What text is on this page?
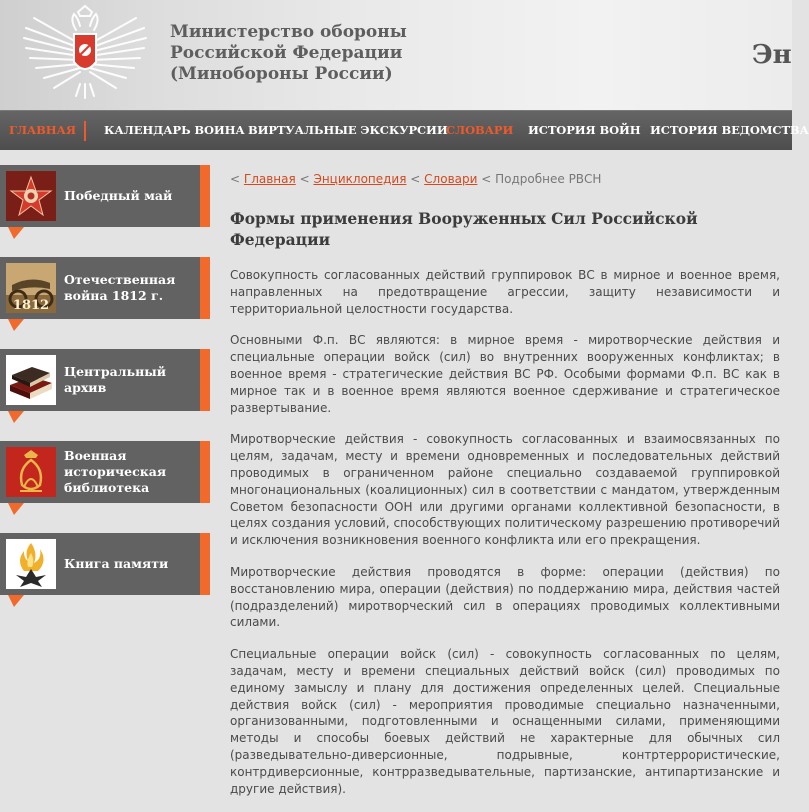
Министерство обороны
Российской Федерации
(Минобороны России)
Эн
ГЛАВНАЯ КАЛЕНДАРЬ ВОИНА ВИРТУАЛЬНЫЕ ЭКСКУРСИИ
СЛОВАРИ ИСТОРИЯ ВОЙН ИСТОРИЯ ВЕДОМСТВА
Победный май
1812
Отечественная война 1812 г.
Центральный архив
Военная историческая библиотека
Книга памяти
< Главная < Энциклопедия < Словари < Подробнее РВСН
Формы применения Вооруженных Сил Российской Федерации

Совокупность согласованных действий группировок ВС в мирное и военное время, направленных на предотвращение агрессии, защиту независимости и территориальной целостности государства.

Основными Ф.п. ВС являются: в мирное время - миротворческие действия и специальные операции войск (сил) во внутренних вооруженных конфликтах; в военное время - стратегические действия ВС РФ. Особыми формами Ф.п. ВС как в мирное так и в военное время являются военное сдерживание и стратегическое развертывание.

Миротворческие действия - совокупность согласованных и взаимосвязанных по целям, задачам, месту и времени одновременных и последовательных действий проводимых в ограниченном районе специально создаваемой группировкой многонациональных (коалиционных) сил в соответствии с мандатом, утвержденным Советом безопасности ООН или другими органами коллективной безопасности, в целях создания условий, способствующих политическому разрешению противоречий и исключения возникновения военного конфликта или его прекращения.

Миротворческие действия проводятся в форме: операции (действия) по восстановлению мира, операции (действия) по поддержанию мира, действия частей (подразделений) миротворческий сил в операциях проводимых коллективными силами.

Специальные операции войск (сил) - совокупность согласованных по целям, задачам, месту и времени специальных действий войск (сил) проводимых по единому замыслу и плану для достижения определенных целей. Специальные действия войск (сил) - мероприятия проводимые специально назначенными, организованными, подготовленными и оснащенными силами, применяющими методы и способы боевых действий не характерные для обычных сил (разведывательно-диверсионные, подрывные, контртеррористические, контрдиверсионные, контрразведывательные, партизанские, антипартизанские и другие действия).
